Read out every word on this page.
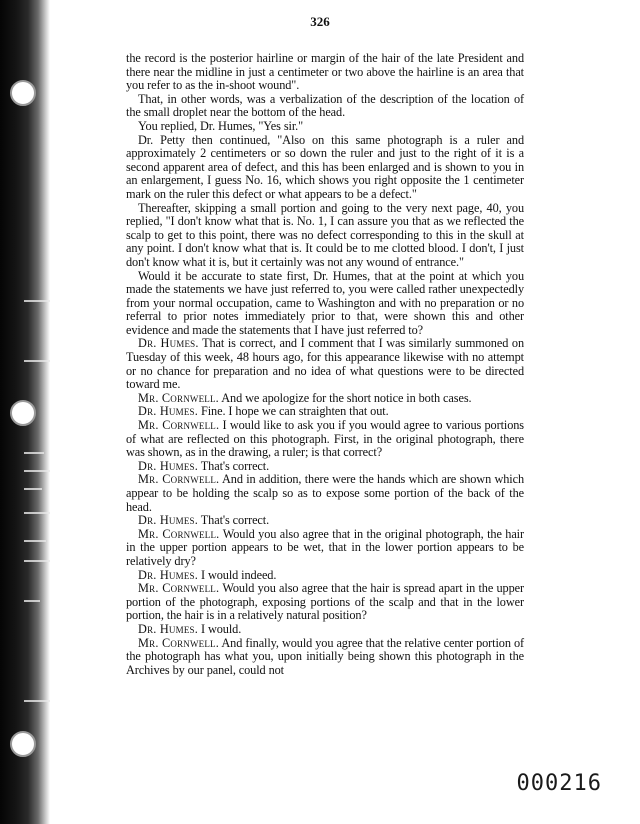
326

the record is the posterior hairline or margin of the hair of the late President and there near the midline in just a centimeter or two above the hairline is an area that you refer to as the in-shoot wound".

That, in other words, was a verbalization of the description of the location of the small droplet near the bottom of the head.

You replied, Dr. Humes, "Yes sir."

Dr. Petty then continued, "Also on this same photograph is a ruler and approximately 2 centimeters or so down the ruler and just to the right of it is a second apparent area of defect, and this has been enlarged and is shown to you in an enlargement, I guess No. 16, which shows you right opposite the 1 centimeter mark on the ruler this defect or what appears to be a defect."

Thereafter, skipping a small portion and going to the very next page, 40, you replied, "I don't know what that is. No. 1, I can assure you that as we reflected the scalp to get to this point, there was no defect corresponding to this in the skull at any point. I don't know what that is. It could be to me clotted blood. I don't, I just don't know what it is, but it certainly was not any wound of entrance."

Would it be accurate to state first, Dr. Humes, that at the point at which you made the statements we have just referred to, you were called rather unexpectedly from your normal occupation, came to Washington and with no preparation or no referral to prior notes immediately prior to that, were shown this and other evidence and made the statements that I have just referred to?

Dr. Humes. That is correct, and I comment that I was similarly summoned on Tuesday of this week, 48 hours ago, for this appearance likewise with no attempt or no chance for preparation and no idea of what questions were to be directed toward me.

Mr. Cornwell. And we apologize for the short notice in both cases.

Dr. Humes. Fine. I hope we can straighten that out.

Mr. Cornwell. I would like to ask you if you would agree to various portions of what are reflected on this photograph. First, in the original photograph, there was shown, as in the drawing, a ruler; is that correct?

Dr. Humes. That's correct.

Mr. Cornwell. And in addition, there were the hands which are shown which appear to be holding the scalp so as to expose some portion of the back of the head.

Dr. Humes. That's correct.

Mr. Cornwell. Would you also agree that in the original photograph, the hair in the upper portion appears to be wet, that in the lower portion appears to be relatively dry?

Dr. Humes. I would indeed.

Mr. Cornwell. Would you also agree that the hair is spread apart in the upper portion of the photograph, exposing portions of the scalp and that in the lower portion, the hair is in a relatively natural position?

Dr. Humes. I would.

Mr. Cornwell. And finally, would you agree that the relative center portion of the photograph has what you, upon initially being shown this photograph in the Archives by our panel, could not

000216
